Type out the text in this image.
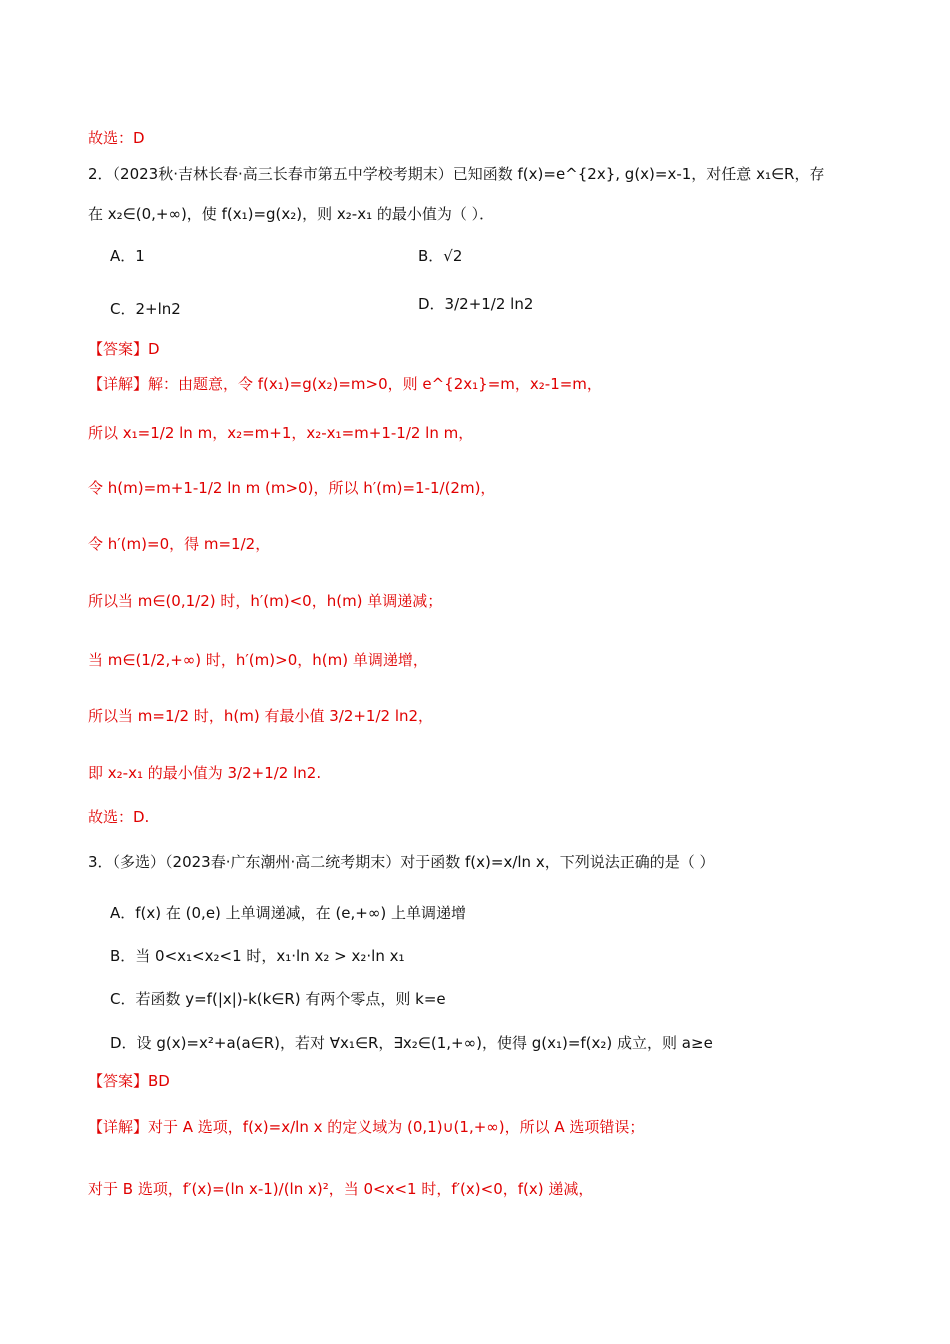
故选：D
2．（2023秋·吉林长春·高三长春市第五中学校考期末）已知函数 f(x)=e^{2x}, g(x)=x-1，对任意 x₁∈R，存
在 x₂∈(0,+∞)，使 f(x₁)=g(x₂)，则 x₂-x₁ 的最小值为（ ）．
A．1	B．√2
C．2+ln2	D．3/2+1/2 ln2
【答案】D
【详解】解：由题意，令 f(x₁)=g(x₂)=m>0，则 e^{2x₁}=m，x₂-1=m，
所以 x₁=1/2 ln m，x₂=m+1，x₂-x₁=m+1-1/2 ln m，
令 h(m)=m+1-1/2 ln m (m>0)，所以 h′(m)=1-1/(2m)，
令 h′(m)=0，得 m=1/2，
所以当 m∈(0,1/2) 时，h′(m)<0，h(m) 单调递减；
当 m∈(1/2,+∞) 时，h′(m)>0，h(m) 单调递增，
所以当 m=1/2 时，h(m) 有最小值 3/2+1/2 ln2，
即 x₂-x₁ 的最小值为 3/2+1/2 ln2.
故选：D.
3．（多选）（2023春·广东潮州·高二统考期末）对于函数 f(x)=x/ln x，下列说法正确的是（ ）
A．f(x) 在 (0,e) 上单调递减，在 (e,+∞) 上单调递增
B．当 0<x₁<x₂<1 时，x₁·ln x₂ > x₂·ln x₁
C．若函数 y=f(|x|)-k(k∈R) 有两个零点，则 k=e
D．设 g(x)=x²+a(a∈R)，若对 ∀x₁∈R，∃x₂∈(1,+∞)，使得 g(x₁)=f(x₂) 成立，则 a≥e
【答案】BD
【详解】对于 A 选项，f(x)=x/ln x 的定义域为 (0,1)∪(1,+∞)，所以 A 选项错误；
对于 B 选项，f′(x)=(ln x-1)/(ln x)²，当 0<x<1 时，f′(x)<0，f(x) 递减，
